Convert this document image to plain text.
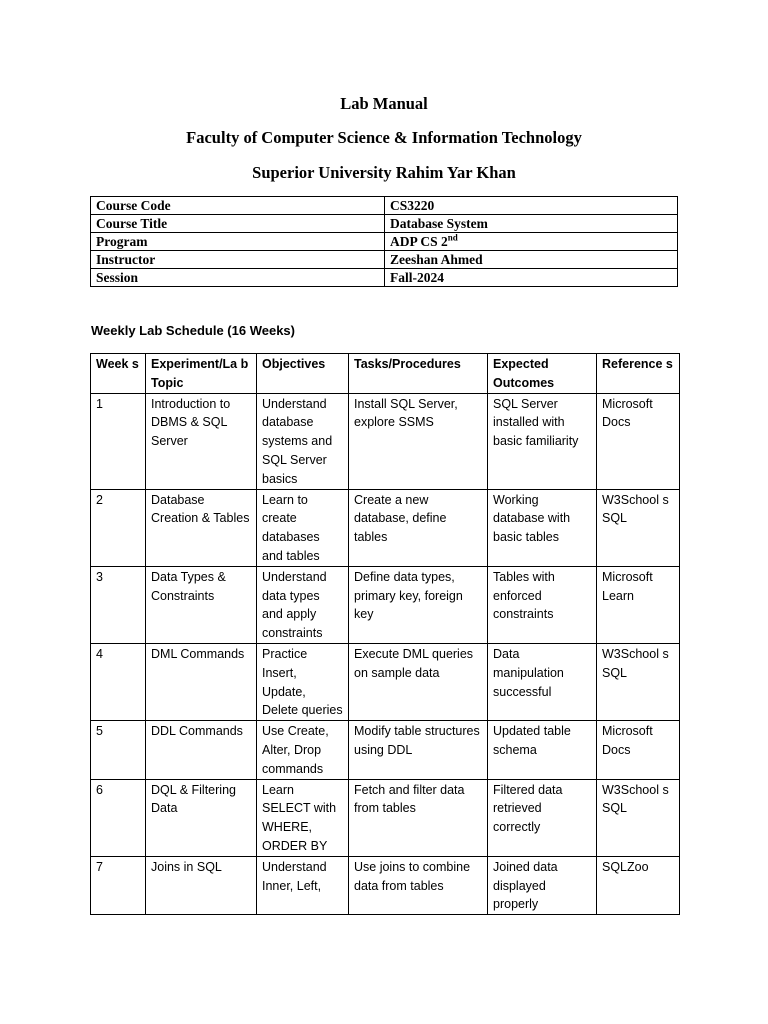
Lab Manual
Faculty of Computer Science & Information Technology
Superior University Rahim Yar Khan
Course Code	CS3220
Course Title	Database System
Program	ADP CS 2nd
Instructor	Zeeshan Ahmed
Session	Fall-2024
Weekly Lab Schedule (16 Weeks)
Week s	Experiment/La b Topic	Objectives	Tasks/Procedures	Expected Outcomes	Reference s
1	Introduction to DBMS & SQL Server	Understand database systems and SQL Server basics	Install SQL Server, explore SSMS	SQL Server installed with basic familiarity	Microsoft Docs
2	Database Creation & Tables	Learn to create databases and tables	Create a new database, define tables	Working database with basic tables	W3School s SQL
3	Data Types & Constraints	Understand data types and apply constraints	Define data types, primary key, foreign key	Tables with enforced constraints	Microsoft Learn
4	DML Commands	Practice Insert, Update, Delete queries	Execute DML queries on sample data	Data manipulation successful	W3School s SQL
5	DDL Commands	Use Create, Alter, Drop commands	Modify table structures using DDL	Updated table schema	Microsoft Docs
6	DQL & Filtering Data	Learn SELECT with WHERE, ORDER BY	Fetch and filter data from tables	Filtered data retrieved correctly	W3School s SQL
7	Joins in SQL	Understand Inner, Left,	Use joins to combine data from tables	Joined data displayed properly	SQLZoo
